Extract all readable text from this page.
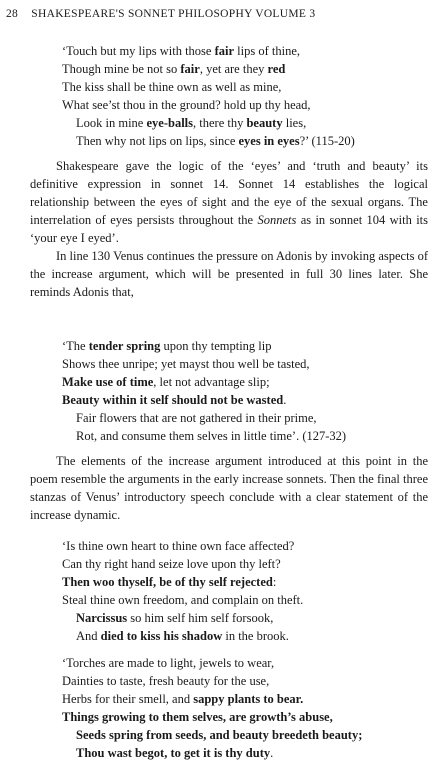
28 SHAKESPEARE'S SONNET PHILOSOPHY VOLUME 3
‘Touch but my lips with those fair lips of thine,
Though mine be not so fair, yet are they red
The kiss shall be thine own as well as mine,
What see’st thou in the ground? hold up thy head,
Look in mine eye-balls, there thy beauty lies,
Then why not lips on lips, since eyes in eyes?’ (115-20)

Shakespeare gave the logic of the ‘eyes’ and ‘truth and beauty’ its definitive expression in sonnet 14. Sonnet 14 establishes the logical relationship between the eyes of sight and the eye of the sexual organs. The interrelation of eyes persists throughout the Sonnets as in sonnet 104 with its ‘your eye I eyed’.

In line 130 Venus continues the pressure on Adonis by invoking aspects of the increase argument, which will be presented in full 30 lines later. She reminds Adonis that,

‘The tender spring upon thy tempting lip
Shows thee unripe; yet mayst thou well be tasted,
Make use of time, let not advantage slip;
Beauty within it self should not be wasted.
Fair flowers that are not gathered in their prime,
Rot, and consume them selves in little time’. (127-32)

The elements of the increase argument introduced at this point in the poem resemble the arguments in the early increase sonnets. Then the final three stanzas of Venus’ introductory speech conclude with a clear statement of the increase dynamic.

‘Is thine own heart to thine own face affected?
Can thy right hand seize love upon thy left?
Then woo thyself, be of thy self rejected:
Steal thine own freedom, and complain on theft.
Narcissus so him self him self forsook,
And died to kiss his shadow in the brook.
‘Torches are made to light, jewels to wear,
Dainties to taste, fresh beauty for the use,
Herbs for their smell, and sappy plants to bear.
Things growing to them selves, are growth’s abuse,
Seeds spring from seeds, and beauty breedeth beauty;
Thou wast begot, to get it is thy duty.
